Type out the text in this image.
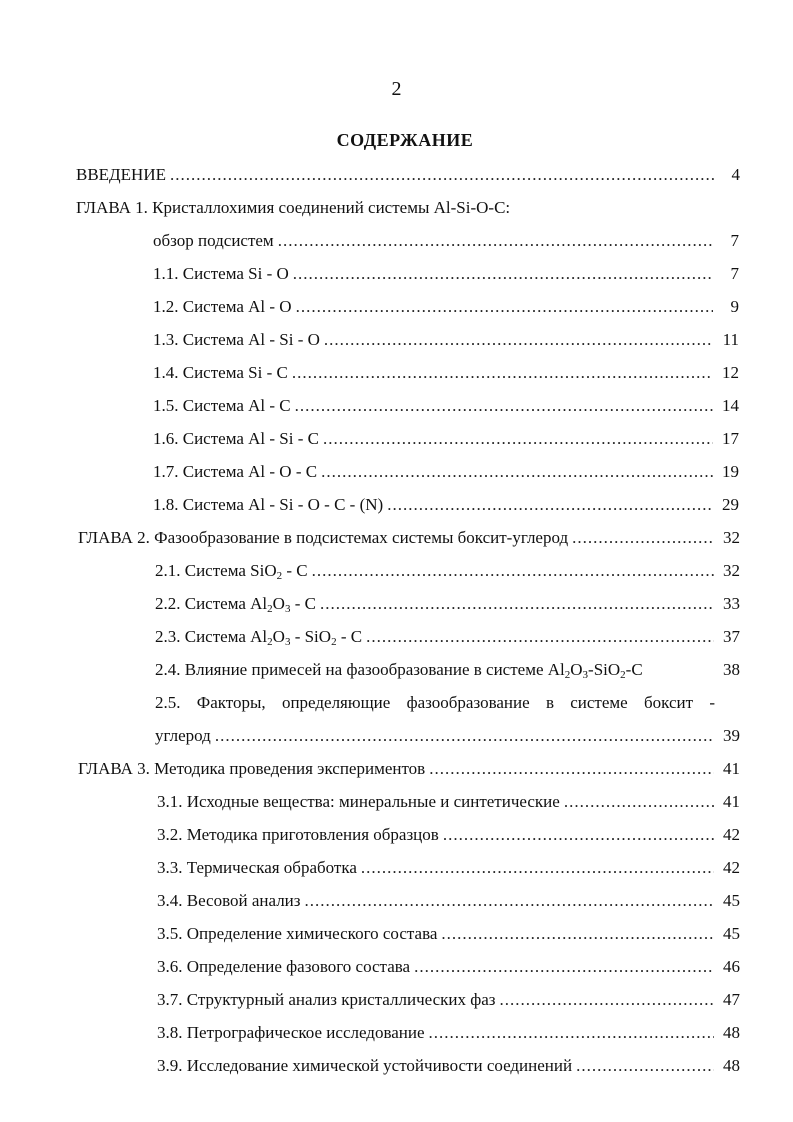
2
СОДЕРЖАНИЕ
ВВЕДЕНИЕ .....	4
ГЛАВА 1. Кристаллохимия соединений системы Al-Si-O-C:
обзор подсистем .....	7
1.1. Система Si - O .....	7
1.2. Система Al - O .....	9
1.3. Система Al - Si - O .....	11
1.4. Система Si - C .....	12
1.5. Система Al - C .....	14
1.6. Система Al - Si - C .....	17
1.7. Система Al - O - C .....	19
1.8. Система Al - Si - O - C - (N) .....	29
ГЛАВА 2. Фазообразование в подсистемах системы боксит-углерод .....	32
2.1. Система SiO$_2$ - C .....	32
2.2. Система $Al_2O_3$ - C .....	33
2.3. Система $Al_2O_3 - SiO_2$ - C .....	37
2.4. Влияние примесей на фазообразование в системе $Al_2O_3-SiO_2-C$	38
2.5. Факторы, определяющие фазообразование в системе боксит -
углерод .....	39
ГЛАВА 3. Методика проведения экспериментов .....	41
3.1. Исходные вещества: минеральные и синтетические .....	41
3.2. Методика приготовления образцов .....	42
3.3. Термическая обработка .....	42
3.4. Весовой анализ .....	45
3.5. Определение химического состава .....	45
3.6. Определение фазового состава .....	46
3.7. Структурный анализ кристаллических фаз .....	47
3.8. Петрографическое исследование .....	48
3.9. Исследование химической устойчивости соединений .....	48
